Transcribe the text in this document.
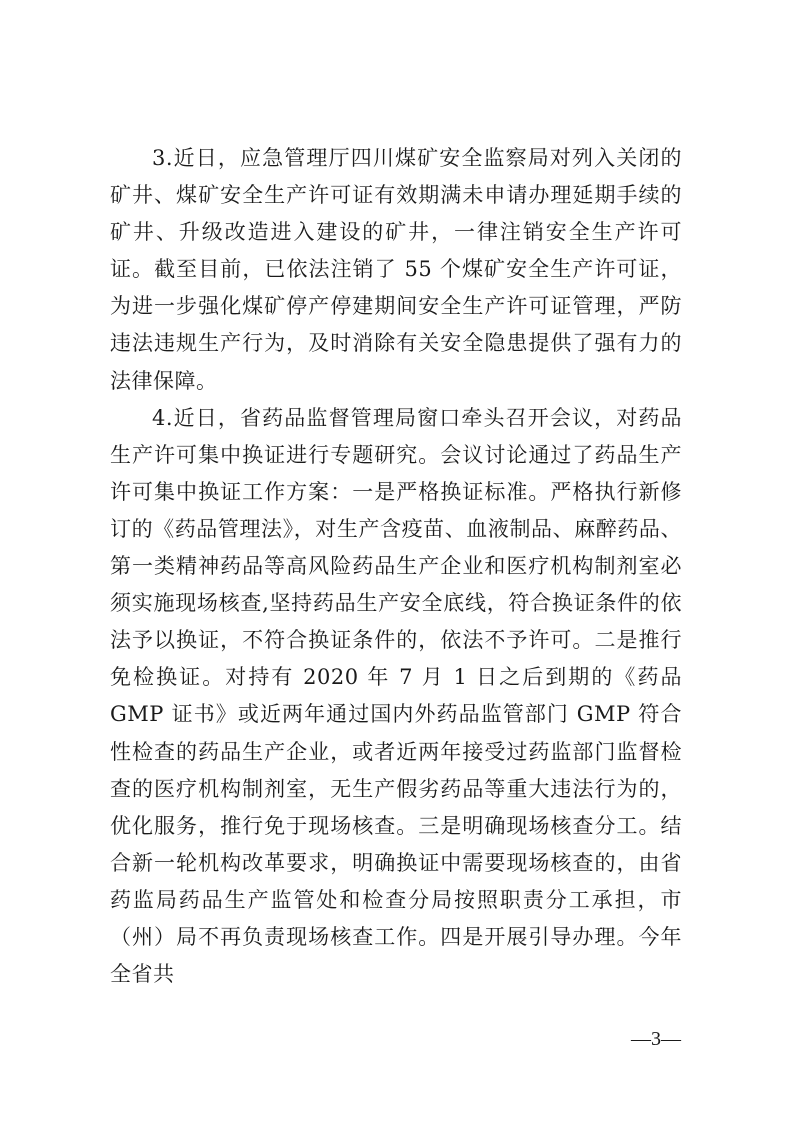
3.近日，应急管理厅四川煤矿安全监察局对列入关闭的矿井、煤矿安全生产许可证有效期满未申请办理延期手续的矿井、升级改造进入建设的矿井，一律注销安全生产许可证。截至目前，已依法注销了 55 个煤矿安全生产许可证，为进一步强化煤矿停产停建期间安全生产许可证管理，严防违法违规生产行为，及时消除有关安全隐患提供了强有力的法律保障。

4.近日，省药品监督管理局窗口牵头召开会议，对药品生产许可集中换证进行专题研究。会议讨论通过了药品生产许可集中换证工作方案：一是严格换证标准。严格执行新修订的《药品管理法》，对生产含疫苗、血液制品、麻醉药品、第一类精神药品等高风险药品生产企业和医疗机构制剂室必须实施现场核查,坚持药品生产安全底线，符合换证条件的依法予以换证，不符合换证条件的，依法不予许可。二是推行免检换证。对持有 2020 年 7 月 1 日之后到期的《药品 GMP 证书》或近两年通过国内外药品监管部门 GMP 符合性检查的药品生产企业，或者近两年接受过药监部门监督检查的医疗机构制剂室，无生产假劣药品等重大违法行为的，优化服务，推行免于现场核查。三是明确现场核查分工。结合新一轮机构改革要求，明确换证中需要现场核查的，由省药监局药品生产监管处和检查分局按照职责分工承担，市（州）局不再负责现场核查工作。四是开展引导办理。今年全省共

—3—
